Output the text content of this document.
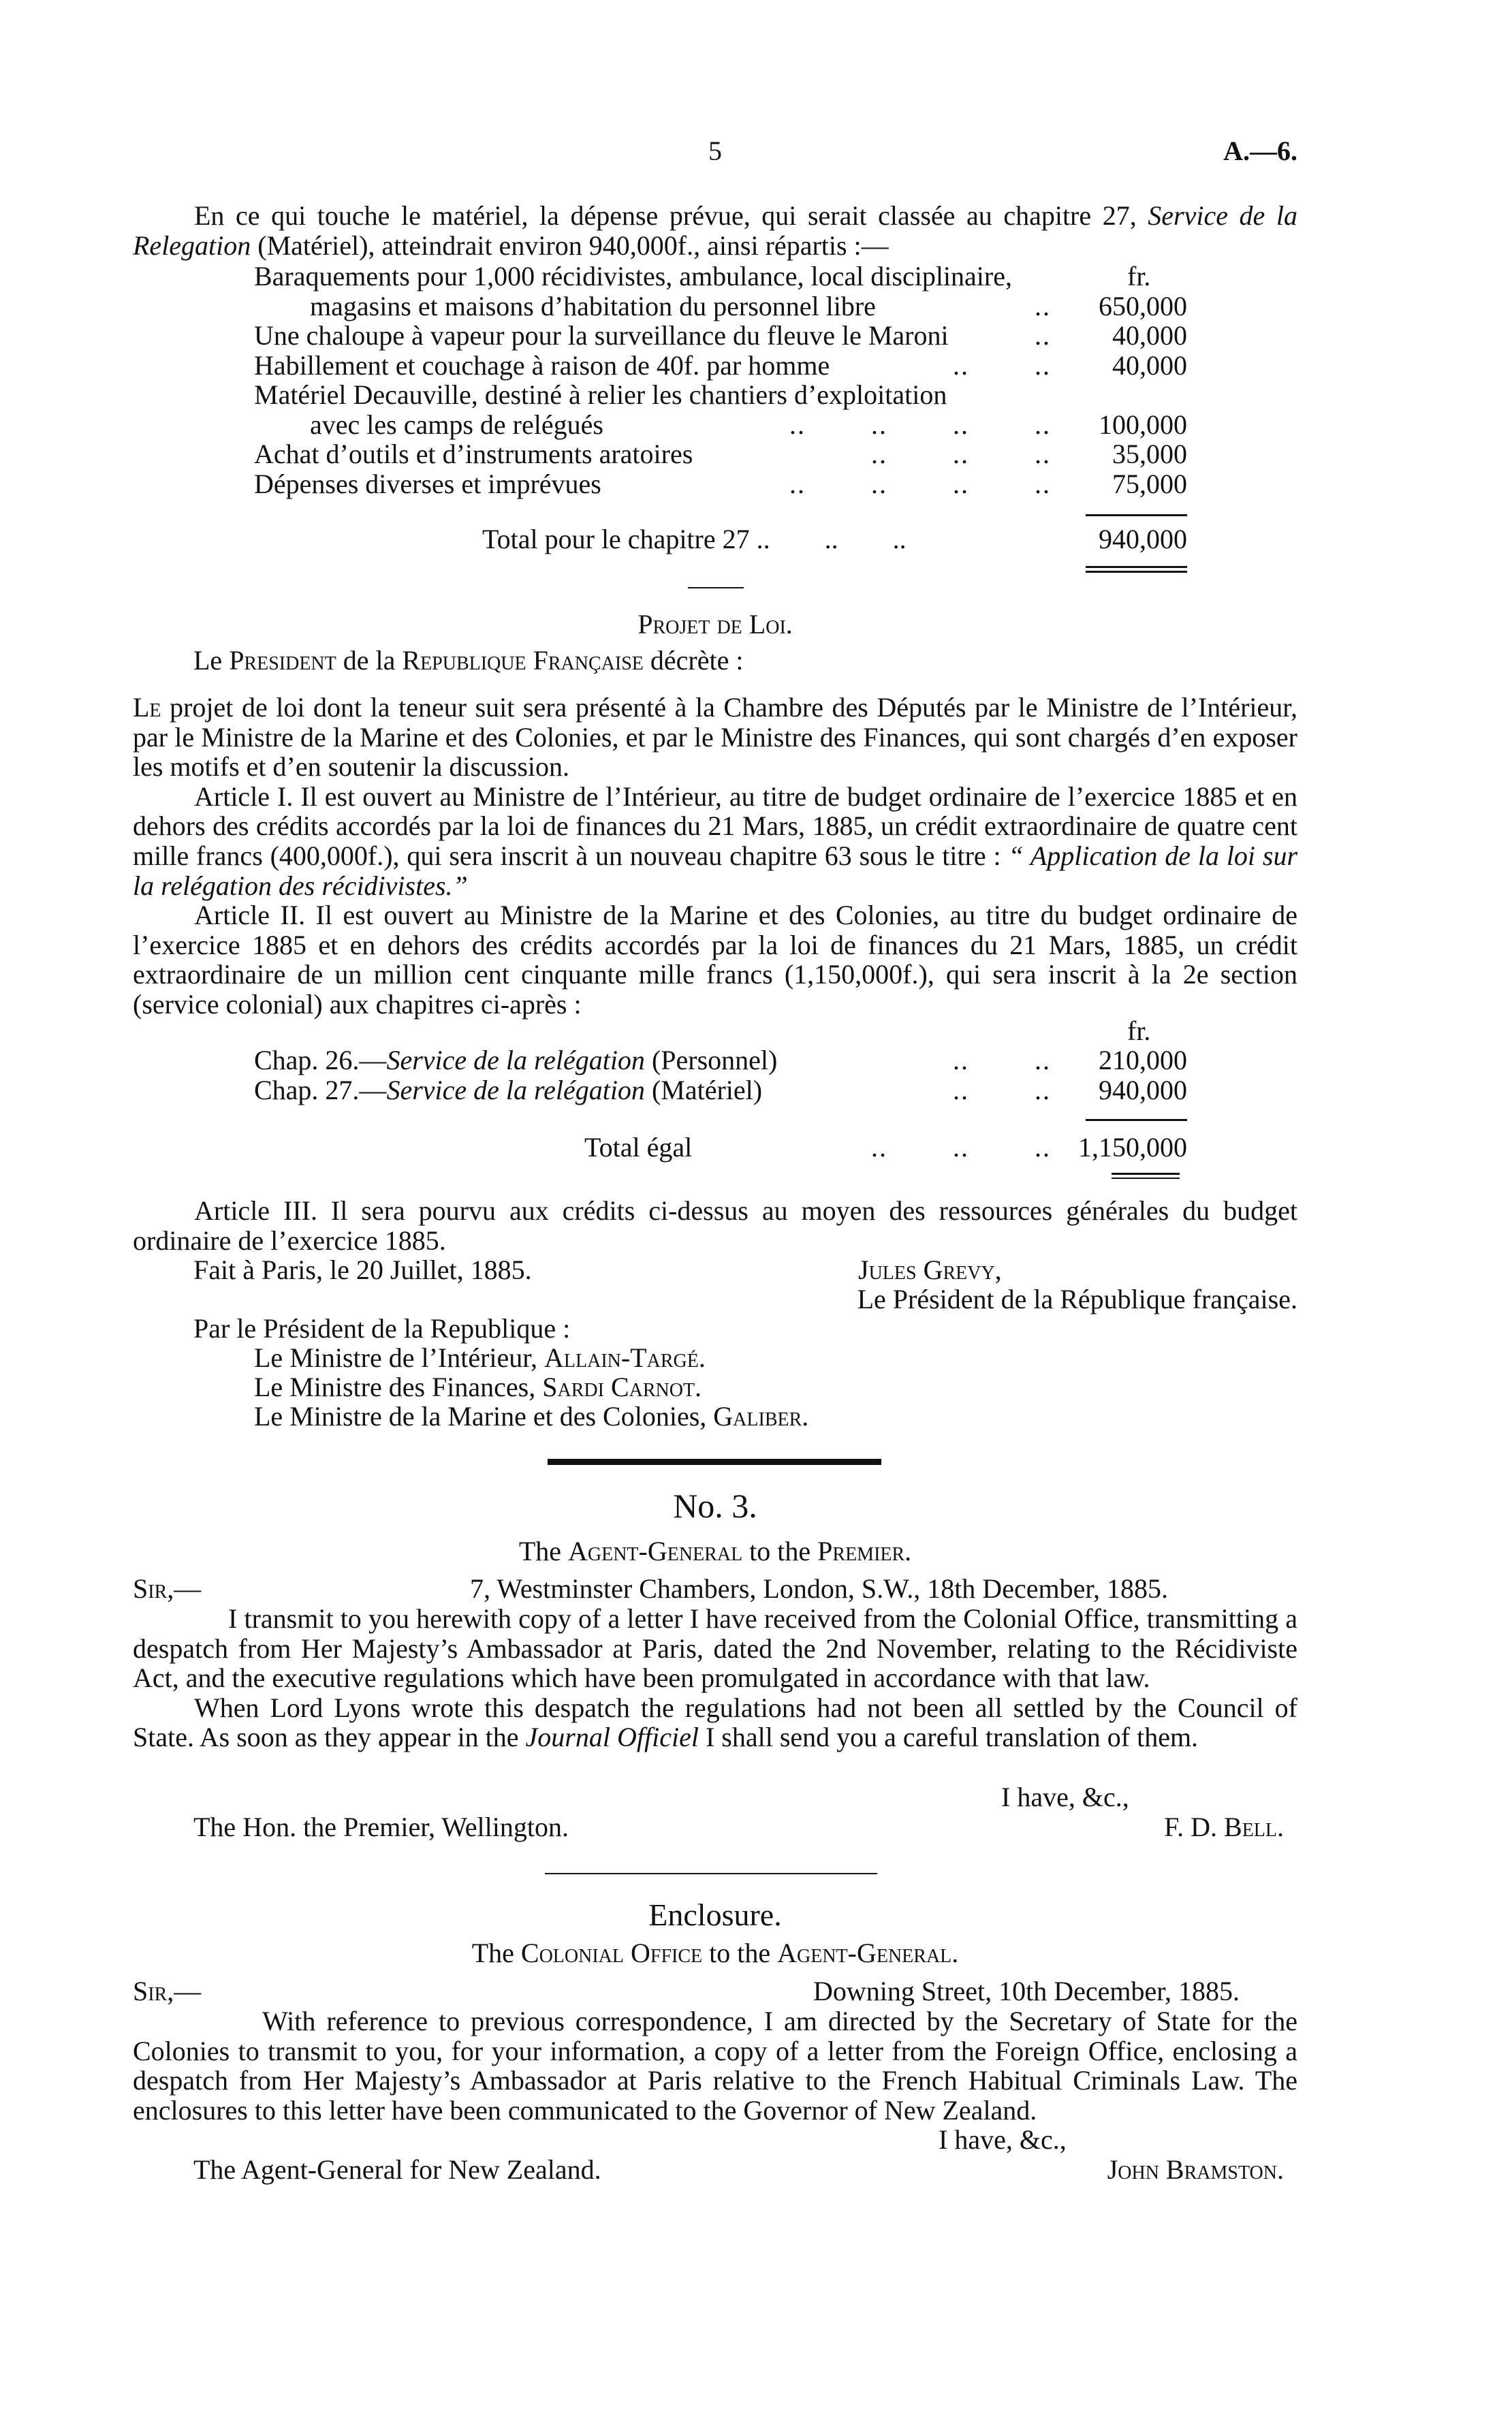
5	A.—6.
En ce qui touche le matériel, la dépense prévue, qui serait classée au chapitre 27, Service de la Relegation (Matériel), atteindrait environ 940,000f., ainsi répartis :—
fr.
Baraquements pour 1,000 récidivistes, ambulance, local disciplinaire,
magasins et maisons d’habitation du personnel libre	.. 650,000
Une chaloupe à vapeur pour la surveillance du fleuve le Maroni	.. 40,000
Habillement et couchage à raison de 40f. par homme	..        .. 40,000
Matériel Decauville, destiné à relier les chantiers d’exploitation
avec les camps de relégués	..        ..        ..        .. 100,000
Achat d’outils et d’instruments aratoires	..        ..        .. 35,000
Dépenses diverses et imprévues	..        ..        ..        .. 75,000
Total pour le chapitre 27 ..        ..        ..	940,000
Projet de Loi.
Le President de la Republique Française décrète :
Le projet de loi dont la teneur suit sera présenté à la Chambre des Députés par le Ministre de l’Intérieur, par le Ministre de la Marine et des Colonies, et par le Ministre des Finances, qui sont chargés d’en exposer les motifs et d’en soutenir la discussion.
Article I. Il est ouvert au Ministre de l’Intérieur, au titre de budget ordinaire de l’exercice 1885 et en dehors des crédits accordés par la loi de finances du 21 Mars, 1885, un crédit extraordinaire de quatre cent mille francs (400,000f.), qui sera inscrit à un nouveau chapitre 63 sous le titre : “ Application de la loi sur la relégation des récidivistes.”
Article II. Il est ouvert au Ministre de la Marine et des Colonies, au titre du budget ordinaire de l’exercice 1885 et en dehors des crédits accordés par la loi de finances du 21 Mars, 1885, un crédit extraordinaire de un million cent cinquante mille francs (1,150,000f.), qui sera inscrit à la 2e section (service colonial) aux chapitres ci-après :
fr.
Chap. 26.—Service de la relégation (Personnel)	..        .. 210,000
Chap. 27.—Service de la relégation (Matériel)	..        .. 940,000
Total égal	..        ..        .. 1,150,000
Article III. Il sera pourvu aux crédits ci-dessus au moyen des ressources générales du budget ordinaire de l’exercice 1885.
Fait à Paris, le 20 Juillet, 1885.	Jules Grevy,
Le Président de la République française.
Par le Président de la Republique :
Le Ministre de l’Intérieur, Allain-Targé.
Le Ministre des Finances, Sardi Carnot.
Le Ministre de la Marine et des Colonies, Galiber.
No. 3.
The Agent-General to the Premier.
Sir,—	7, Westminster Chambers, London, S.W., 18th December, 1885.
I transmit to you herewith copy of a letter I have received from the Colonial Office, transmitting a despatch from Her Majesty’s Ambassador at Paris, dated the 2nd November, relating to the Récidiviste Act, and the executive regulations which have been promulgated in accordance with that law.
When Lord Lyons wrote this despatch the regulations had not been all settled by the Council of State. As soon as they appear in the Journal Officiel I shall send you a careful translation of them.
I have, &c.,
The Hon. the Premier, Wellington.	F. D. Bell.
Enclosure.
The Colonial Office to the Agent-General.
Sir,—	Downing Street, 10th December, 1885.
With reference to previous correspondence, I am directed by the Secretary of State for the Colonies to transmit to you, for your information, a copy of a letter from the Foreign Office, enclosing a despatch from Her Majesty’s Ambassador at Paris relative to the French Habitual Criminals Law. The enclosures to this letter have been communicated to the Governor of New Zealand.
I have, &c.,
The Agent-General for New Zealand.	John Bramston.
